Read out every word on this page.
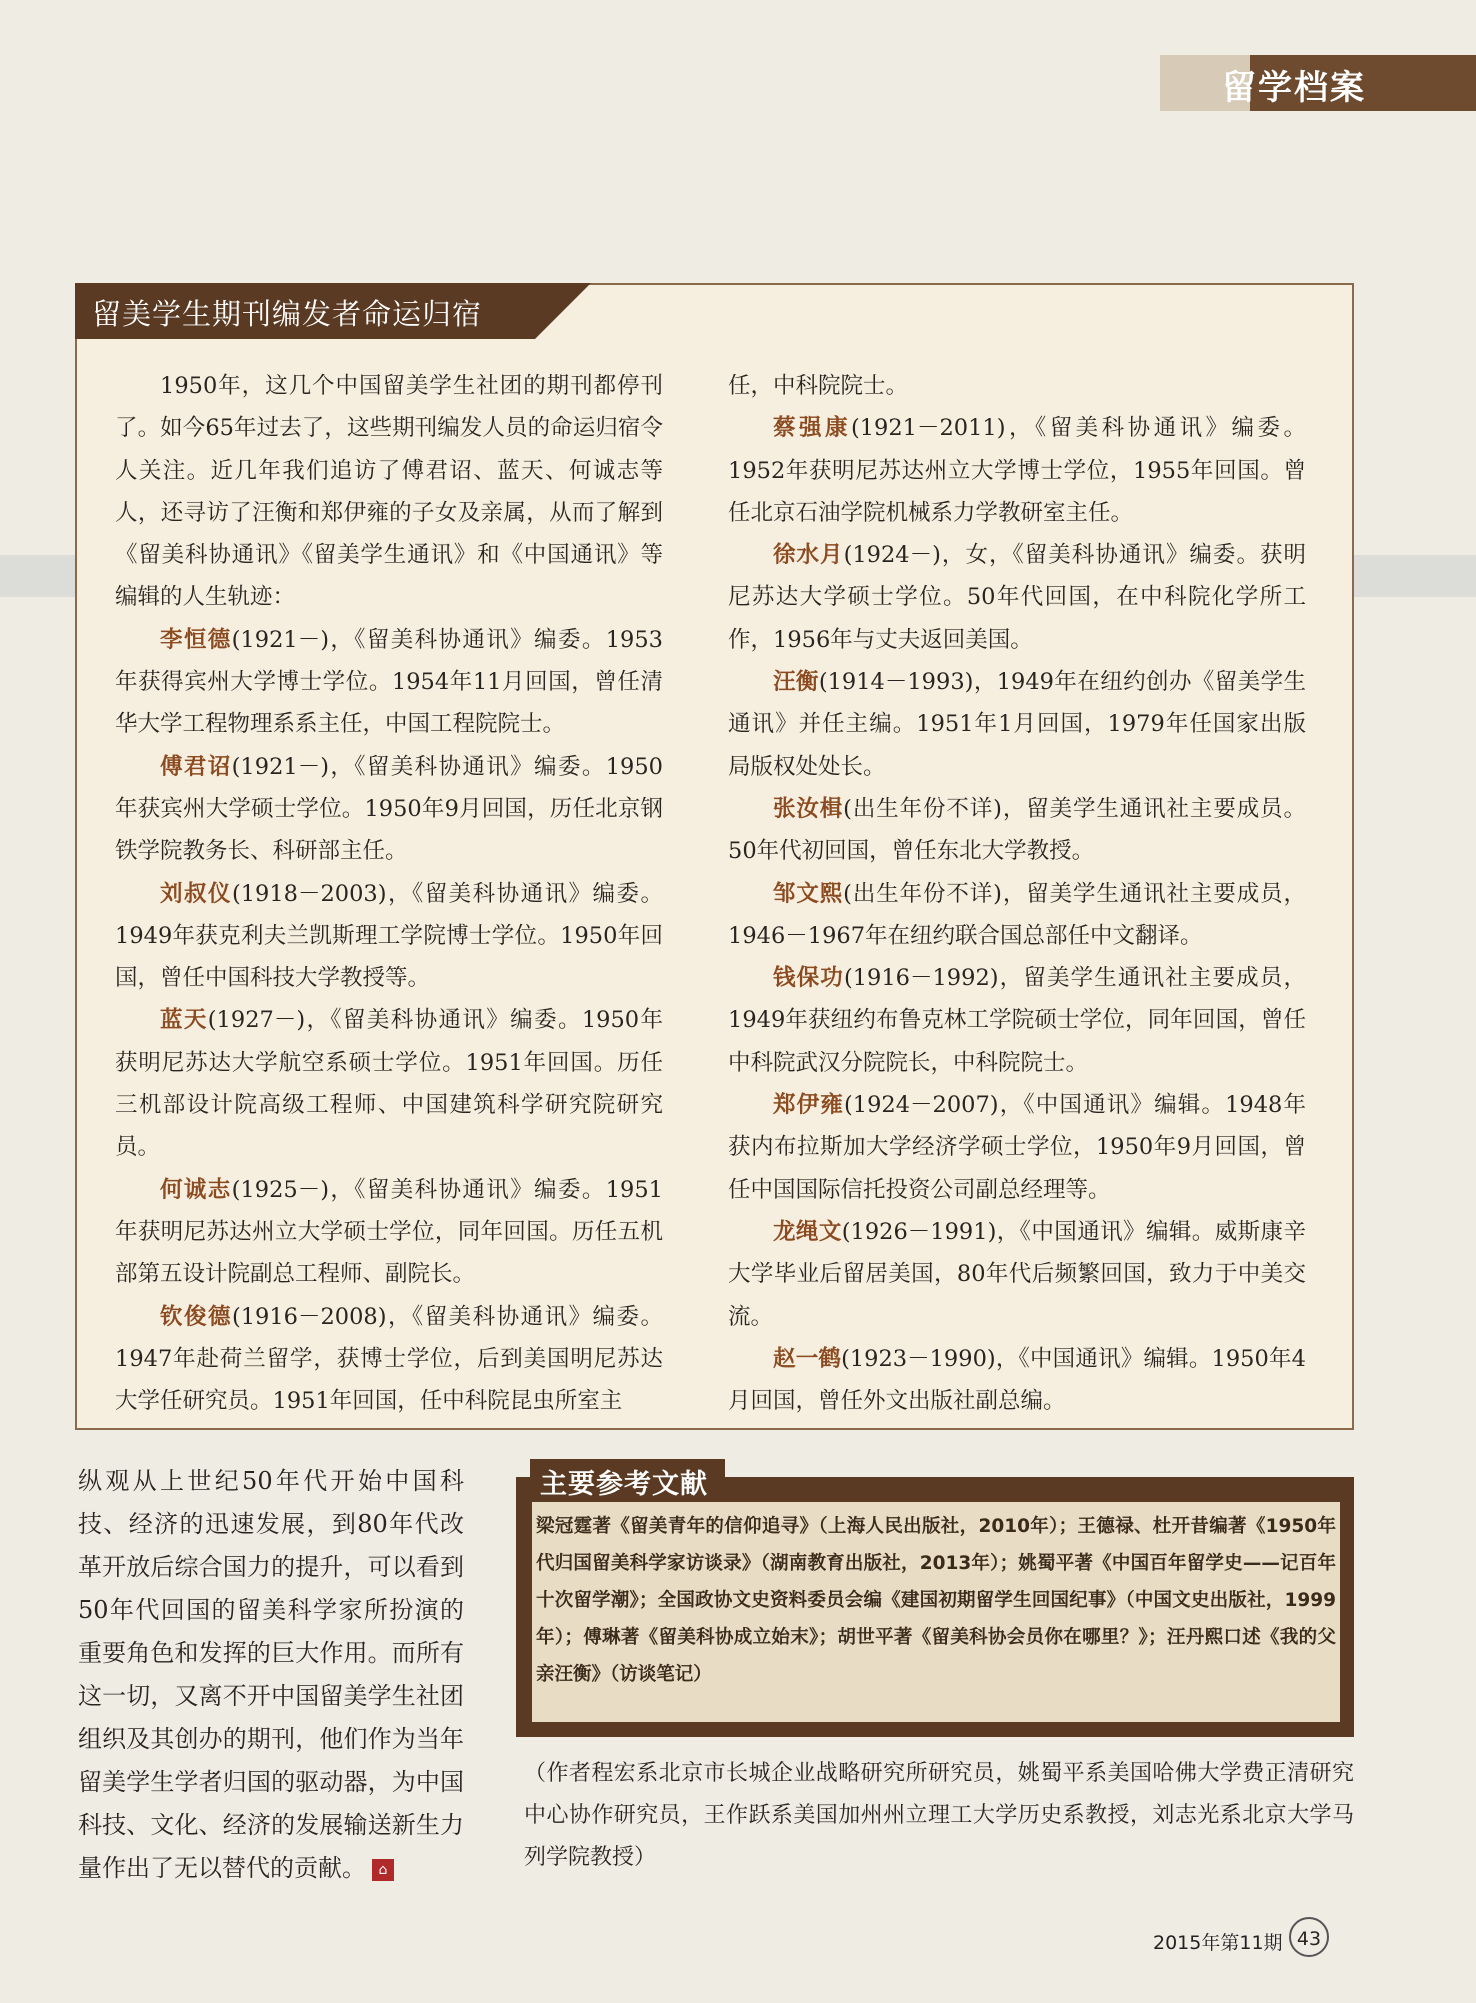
留学档案
留美学生期刊编发者命运归宿

1950年，这几个中国留美学生社团的期刊都停刊了。如今65年过去了，这些期刊编发人员的命运归宿令人关注。近几年我们追访了傅君诏、蓝天、何诚志等人，还寻访了汪衡和郑伊雍的子女及亲属，从而了解到《留美科协通讯》《留美学生通讯》和《中国通讯》等编辑的人生轨迹：

李恒德(1921－)，《留美科协通讯》编委。1953年获得宾州大学博士学位。1954年11月回国，曾任清华大学工程物理系系主任，中国工程院院士。

傅君诏(1921－)，《留美科协通讯》编委。1950年获宾州大学硕士学位。1950年9月回国，历任北京钢铁学院教务长、科研部主任。

刘叔仪(1918－2003)，《留美科协通讯》编委。1949年获克利夫兰凯斯理工学院博士学位。1950年回国，曾任中国科技大学教授等。

蓝天(1927－)，《留美科协通讯》编委。1950年获明尼苏达大学航空系硕士学位。1951年回国。历任三机部设计院高级工程师、中国建筑科学研究院研究员。

何诚志(1925－)，《留美科协通讯》编委。1951年获明尼苏达州立大学硕士学位，同年回国。历任五机部第五设计院副总工程师、副院长。

钦俊德(1916－2008)，《留美科协通讯》编委。1947年赴荷兰留学，获博士学位，后到美国明尼苏达大学任研究员。1951年回国，任中科院昆虫所室主

任，中科院院士。

蔡强康(1921－2011)，《留美科协通讯》编委。1952年获明尼苏达州立大学博士学位，1955年回国。曾任北京石油学院机械系力学教研室主任。

徐水月(1924－)，女，《留美科协通讯》编委。获明尼苏达大学硕士学位。50年代回国，在中科院化学所工作，1956年与丈夫返回美国。

汪衡(1914－1993)，1949年在纽约创办《留美学生通讯》并任主编。1951年1月回国，1979年任国家出版局版权处处长。

张汝楫(出生年份不详)，留美学生通讯社主要成员。50年代初回国，曾任东北大学教授。

邹文熙(出生年份不详)，留美学生通讯社主要成员，1946－1967年在纽约联合国总部任中文翻译。

钱保功(1916－1992)，留美学生通讯社主要成员，1949年获纽约布鲁克林工学院硕士学位，同年回国，曾任中科院武汉分院院长，中科院院士。

郑伊雍(1924－2007)，《中国通讯》编辑。1948年获内布拉斯加大学经济学硕士学位，1950年9月回国，曾任中国国际信托投资公司副总经理等。

龙绳文(1926－1991)，《中国通讯》编辑。威斯康辛大学毕业后留居美国，80年代后频繁回国，致力于中美交流。

赵一鹤(1923－1990)，《中国通讯》编辑。1950年4月回国，曾任外文出版社副总编。

纵观从上世纪50年代开始中国科技、经济的迅速发展，到80年代改革开放后综合国力的提升，可以看到50年代回国的留美科学家所扮演的重要角色和发挥的巨大作用。而所有这一切，又离不开中国留美学生社团组织及其创办的期刊，他们作为当年留美学生学者归国的驱动器，为中国科技、文化、经济的发展输送新生力量作出了无以替代的贡献。 ⌂
主要参考文献
梁冠霆著《留美青年的信仰追寻》（上海人民出版社，2010年）；王德禄、杜开昔编著《1950年代归国留美科学家访谈录》（湖南教育出版社，2013年）；姚蜀平著《中国百年留学史——记百年十次留学潮》；全国政协文史资料委员会编《建国初期留学生回国纪事》（中国文史出版社，1999年）；傅琳著《留美科协成立始末》；胡世平著《留美科协会员你在哪里？》；汪丹熙口述《我的父亲汪衡》（访谈笔记）
（作者程宏系北京市长城企业战略研究所研究员，姚蜀平系美国哈佛大学费正清研究中心协作研究员，王作跃系美国加州州立理工大学历史系教授，刘志光系北京大学马列学院教授）
2015年第11期 43
